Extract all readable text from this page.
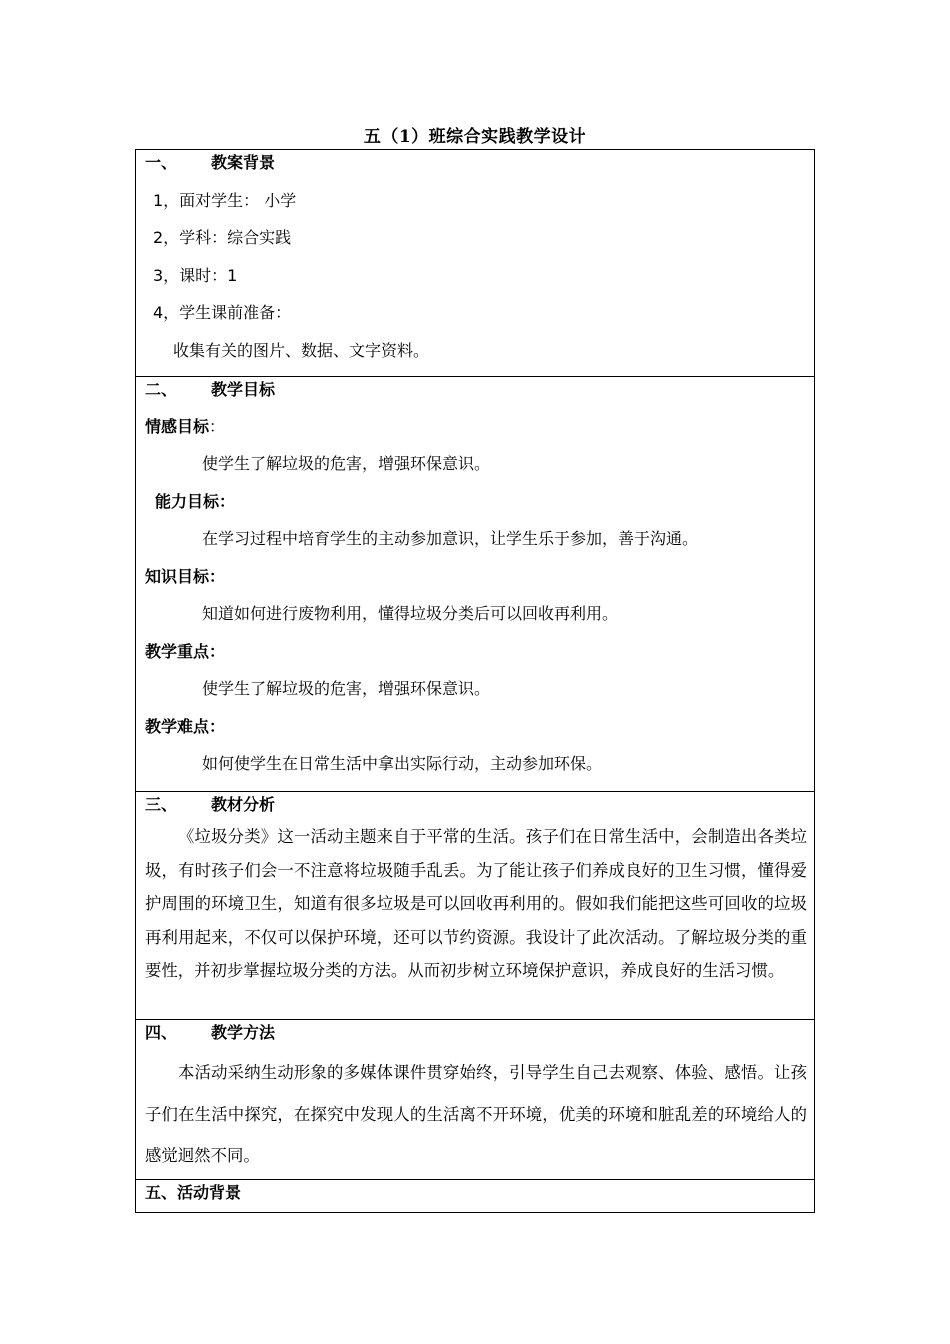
五（1）班综合实践教学设计
一、 教案背景
1，面对学生： 小学
2，学科：综合实践
3，课时：1
4，学生课前准备：
收集有关的图片、数据、文字资料。
二、 教学目标
情感目标：
使学生了解垃圾的危害，增强环保意识。
能力目标：
在学习过程中培育学生的主动参加意识，让学生乐于参加，善于沟通。
知识目标：
知道如何进行废物利用，懂得垃圾分类后可以回收再利用。
教学重点：
使学生了解垃圾的危害，增强环保意识。
教学难点：
如何使学生在日常生活中拿出实际行动，主动参加环保。
三、 教材分析
《垃圾分类》这一活动主题来自于平常的生活。孩子们在日常生活中，会制造出各类垃圾，有时孩子们会一不注意将垃圾随手乱丢。为了能让孩子们养成良好的卫生习惯，懂得爱护周围的环境卫生，知道有很多垃圾是可以回收再利用的。假如我们能把这些可回收的垃圾再利用起来，不仅可以保护环境，还可以节约资源。我设计了此次活动。了解垃圾分类的重要性，并初步掌握垃圾分类的方法。从而初步树立环境保护意识，养成良好的生活习惯。
四、 教学方法
本活动采纳生动形象的多媒体课件贯穿始终，引导学生自己去观察、体验、感悟。让孩子们在生活中探究，在探究中发现人的生活离不开环境，优美的环境和脏乱差的环境给人的感觉迥然不同。
五、活动背景
